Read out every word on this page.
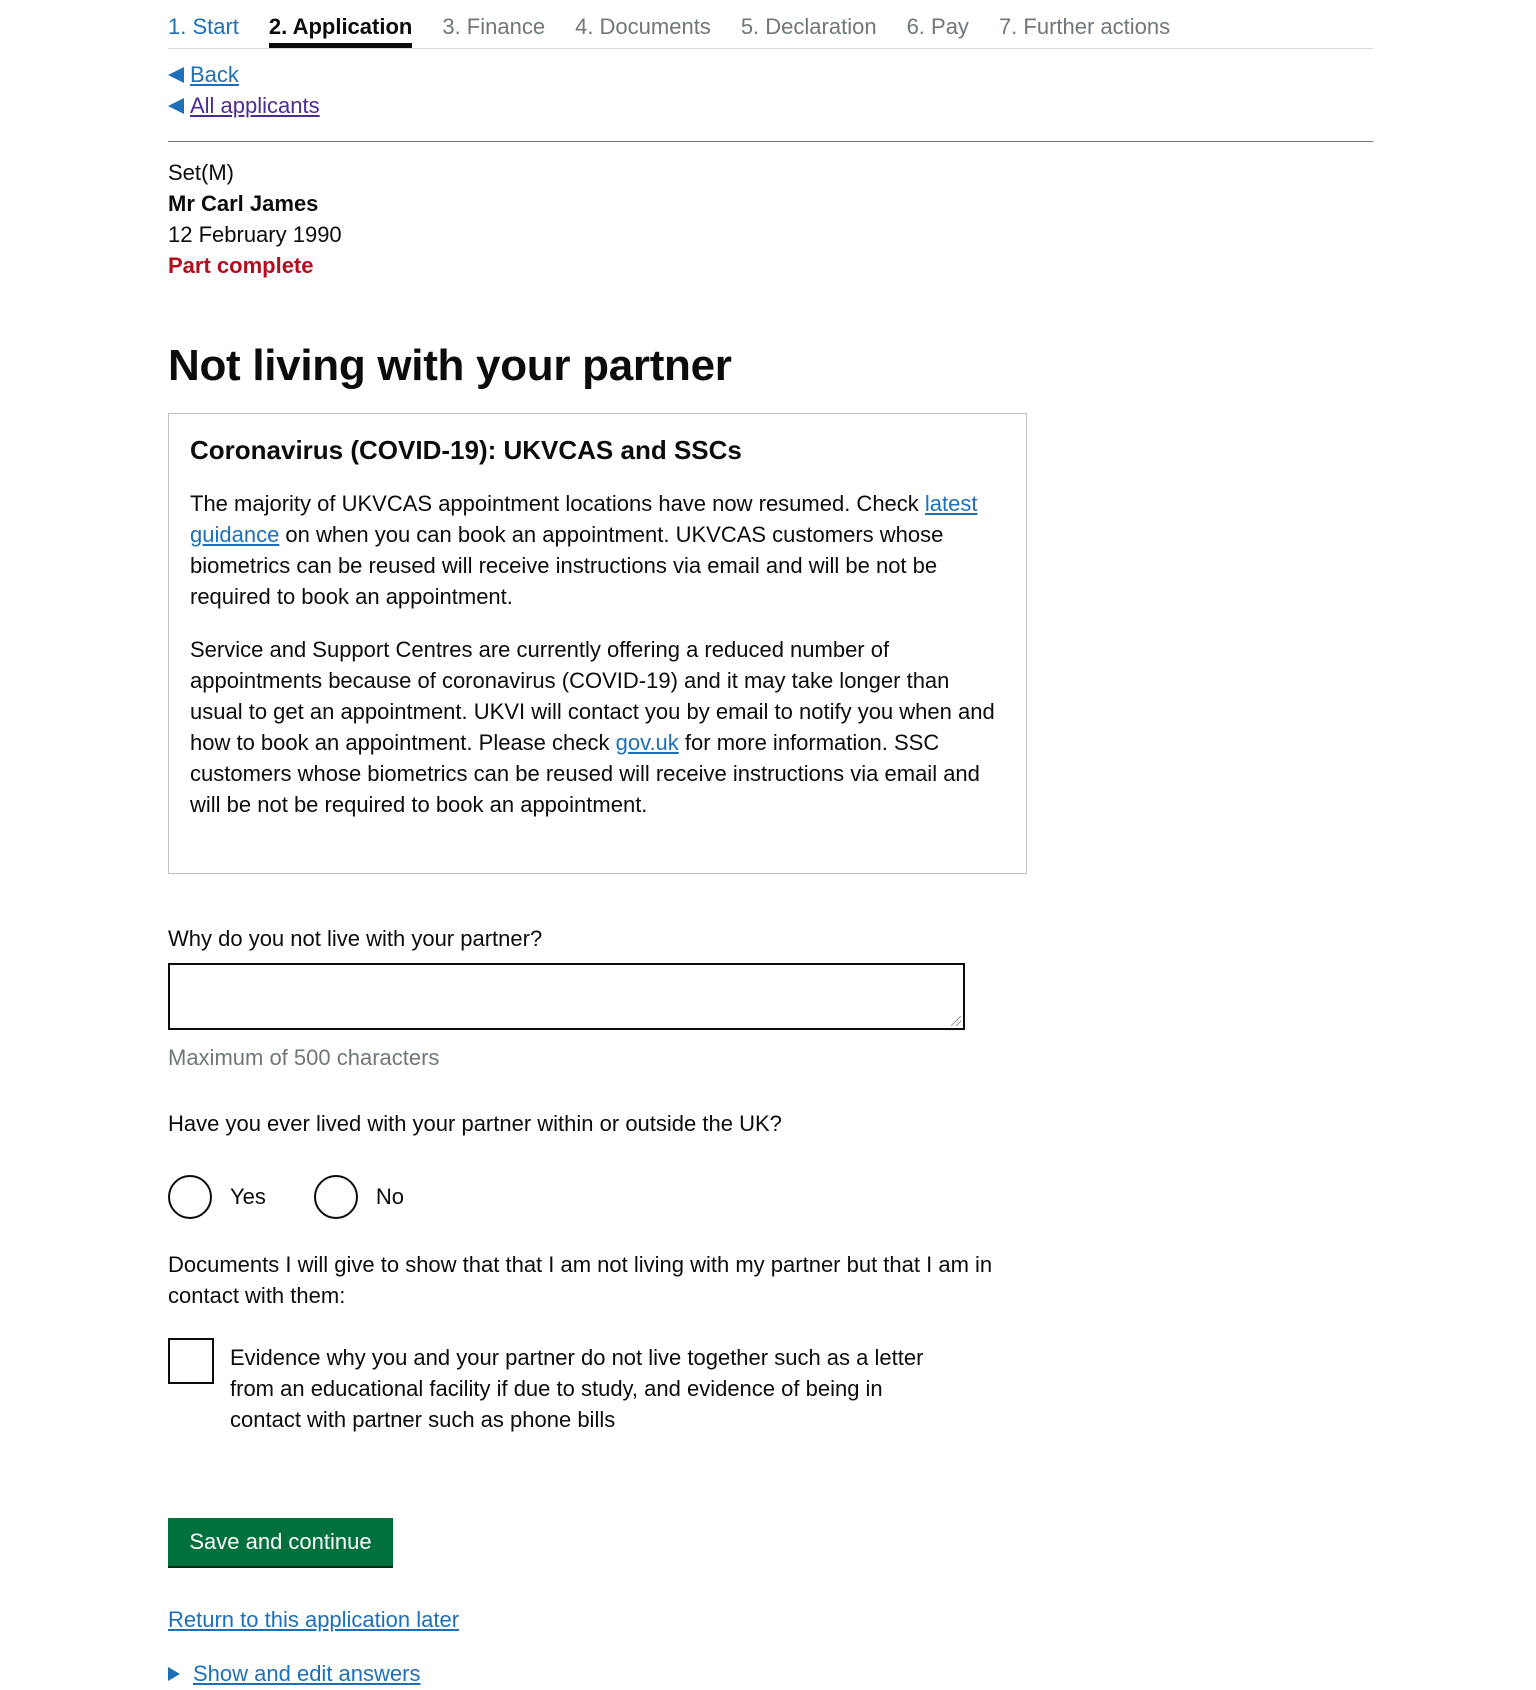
1. Start 2. Application 3. Finance 4. Documents 5. Declaration 6. Pay 7. Further actions
Back
All applicants
Set(M)
Mr Carl James
12 February 1990
Part complete
Not living with your partner
Coronavirus (COVID-19): UKVCAS and SSCs

The majority of UKVCAS appointment locations have now resumed. Check latest guidance on when you can book an appointment. UKVCAS customers whose biometrics can be reused will receive instructions via email and will be not be required to book an appointment.

Service and Support Centres are currently offering a reduced number of appointments because of coronavirus (COVID-19) and it may take longer than usual to get an appointment. UKVI will contact you by email to notify you when and how to book an appointment. Please check gov.uk for more information. SSC customers whose biometrics can be reused will receive instructions via email and will be not be required to book an appointment.

Why do you not live with your partner?
Maximum of 500 characters
Have you ever lived with your partner within or outside the UK?
Yes	No
Documents I will give to show that that I am not living with my partner but that I am in contact with them:
Evidence why you and your partner do not live together such as a letter from an educational facility if due to study, and evidence of being in contact with partner such as phone bills
Save and continue
Return to this application later
Show and edit answers
